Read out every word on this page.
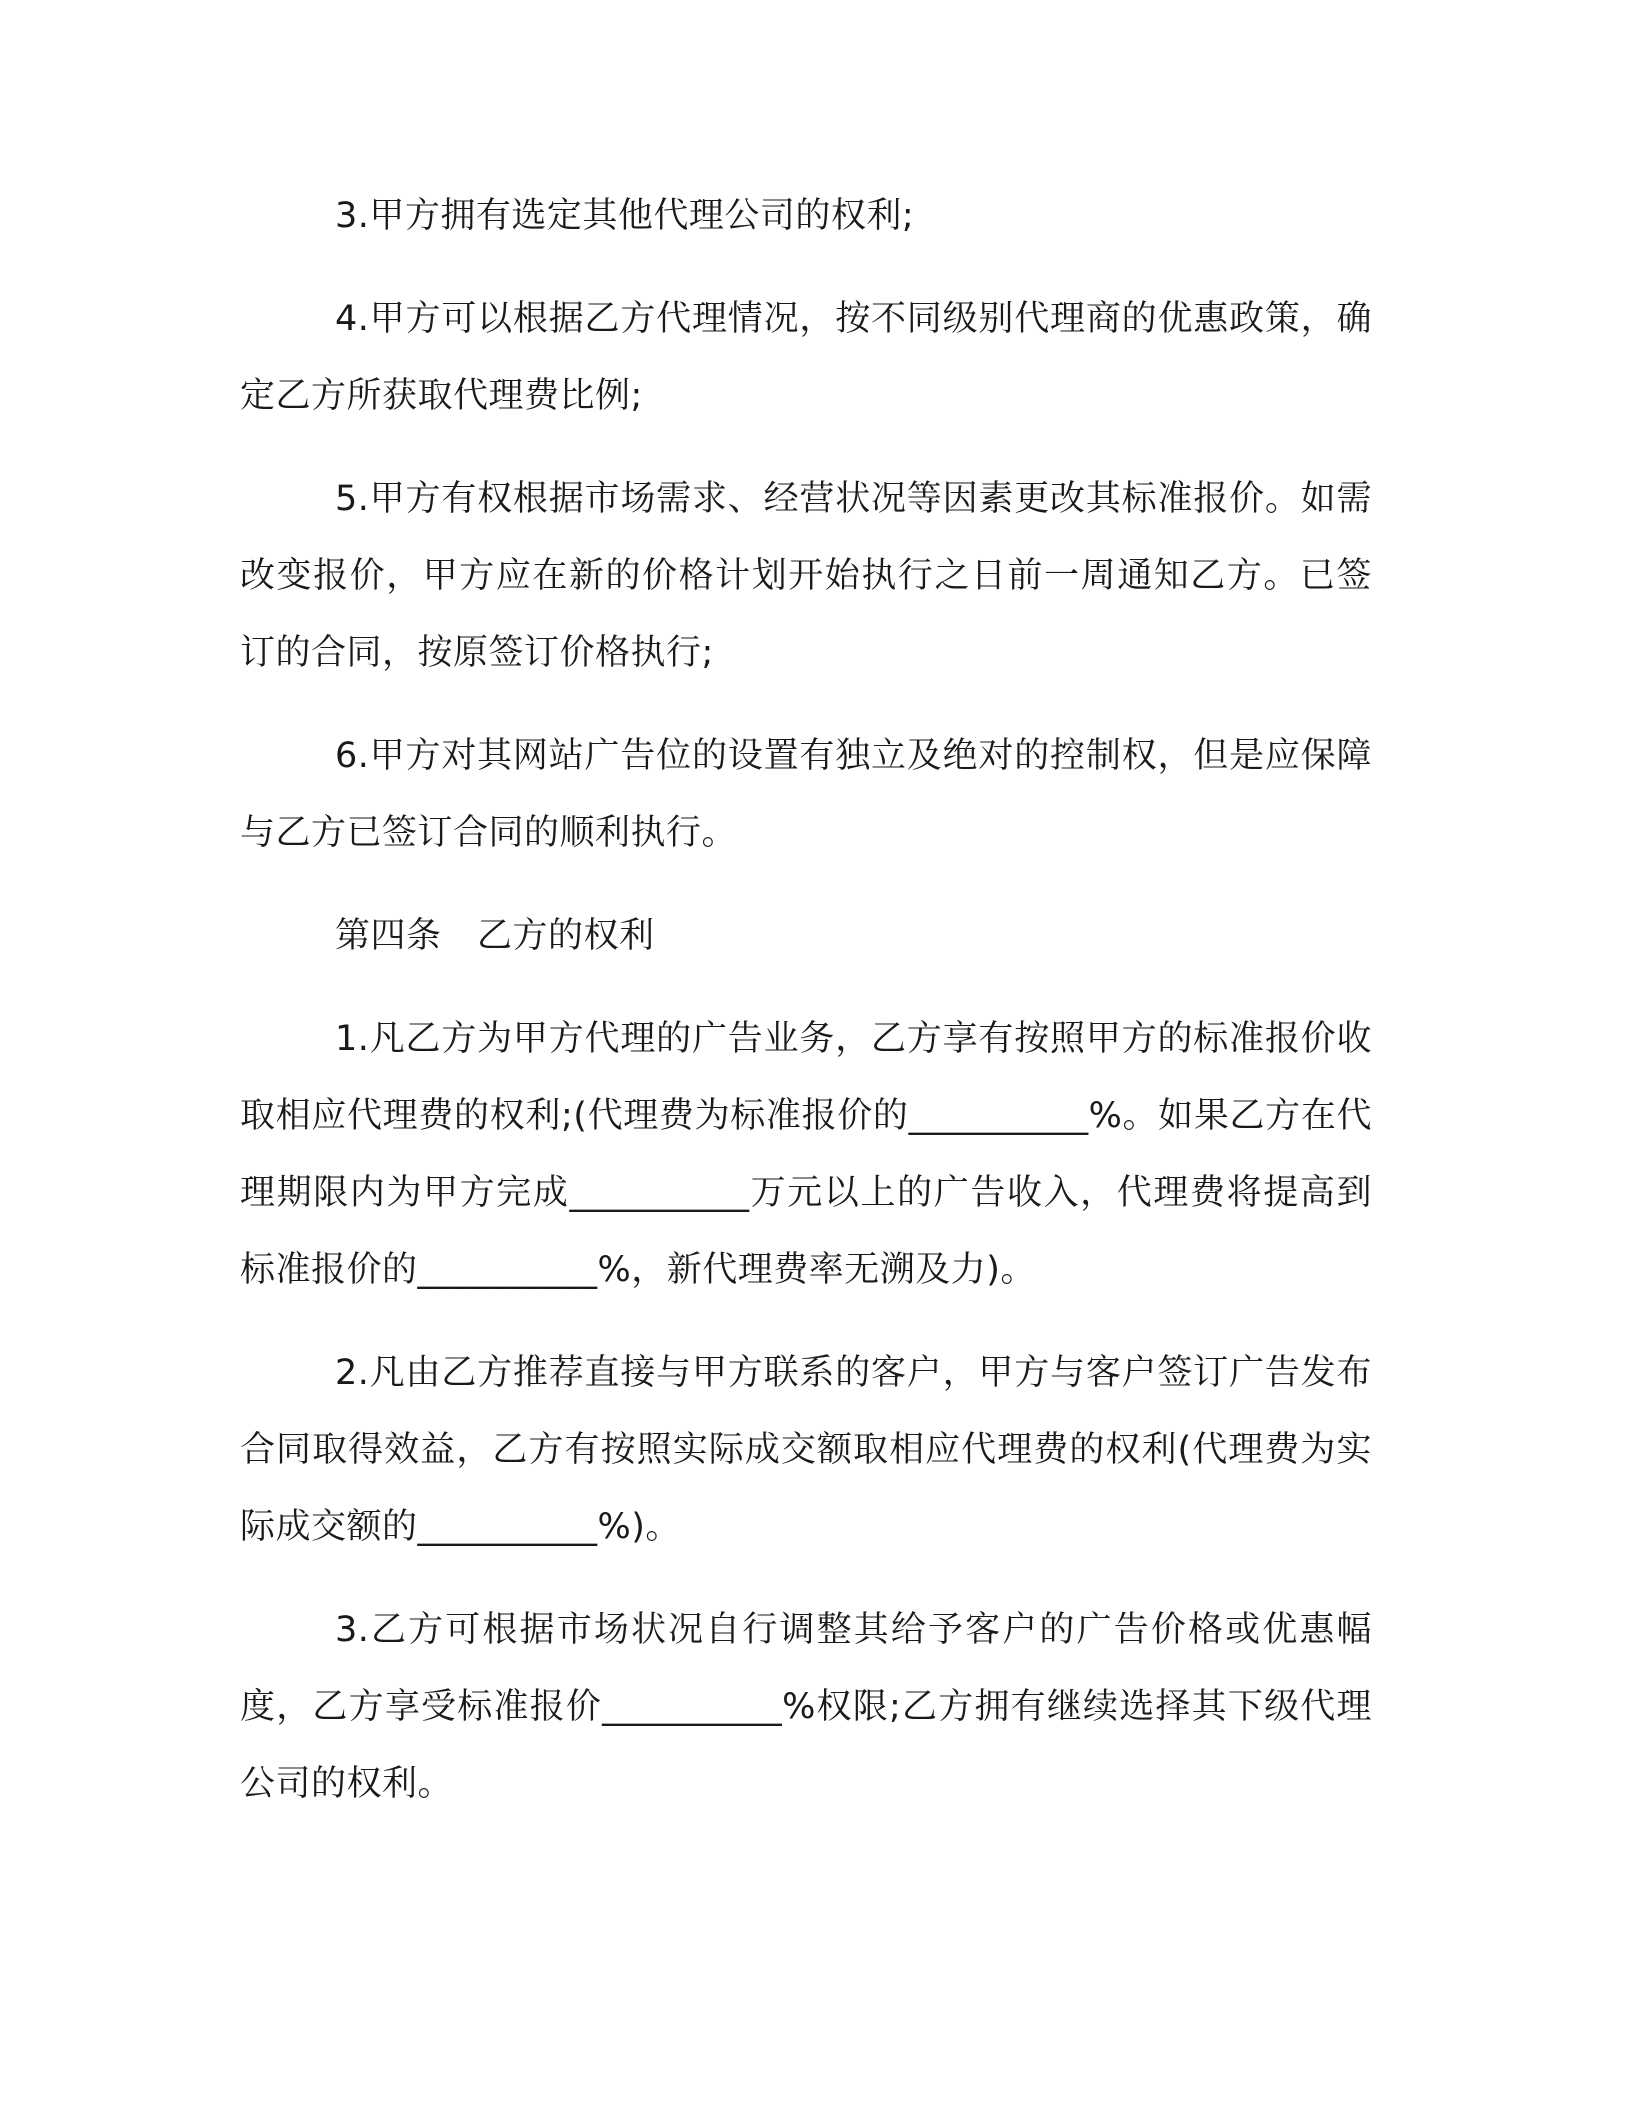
3.甲方拥有选定其他代理公司的权利;

4.甲方可以根据乙方代理情况，按不同级别代理商的优惠政策，确定乙方所获取代理费比例;

5.甲方有权根据市场需求、经营状况等因素更改其标准报价。如需改变报价，甲方应在新的价格计划开始执行之日前一周通知乙方。已签订的合同，按原签订价格执行;

6.甲方对其网站广告位的设置有独立及绝对的控制权，但是应保障与乙方已签订合同的顺利执行。

第四条　乙方的权利

1.凡乙方为甲方代理的广告业务，乙方享有按照甲方的标准报价收取相应代理费的权利;(代理费为标准报价的__________%。如果乙方在代理期限内为甲方完成__________万元以上的广告收入，代理费将提高到标准报价的__________%，新代理费率无溯及力)。

2.凡由乙方推荐直接与甲方联系的客户，甲方与客户签订广告发布合同取得效益，乙方有按照实际成交额取相应代理费的权利(代理费为实际成交额的__________%)。

3.乙方可根据市场状况自行调整其给予客户的广告价格或优惠幅度，乙方享受标准报价__________%权限;乙方拥有继续选择其下级代理公司的权利。
